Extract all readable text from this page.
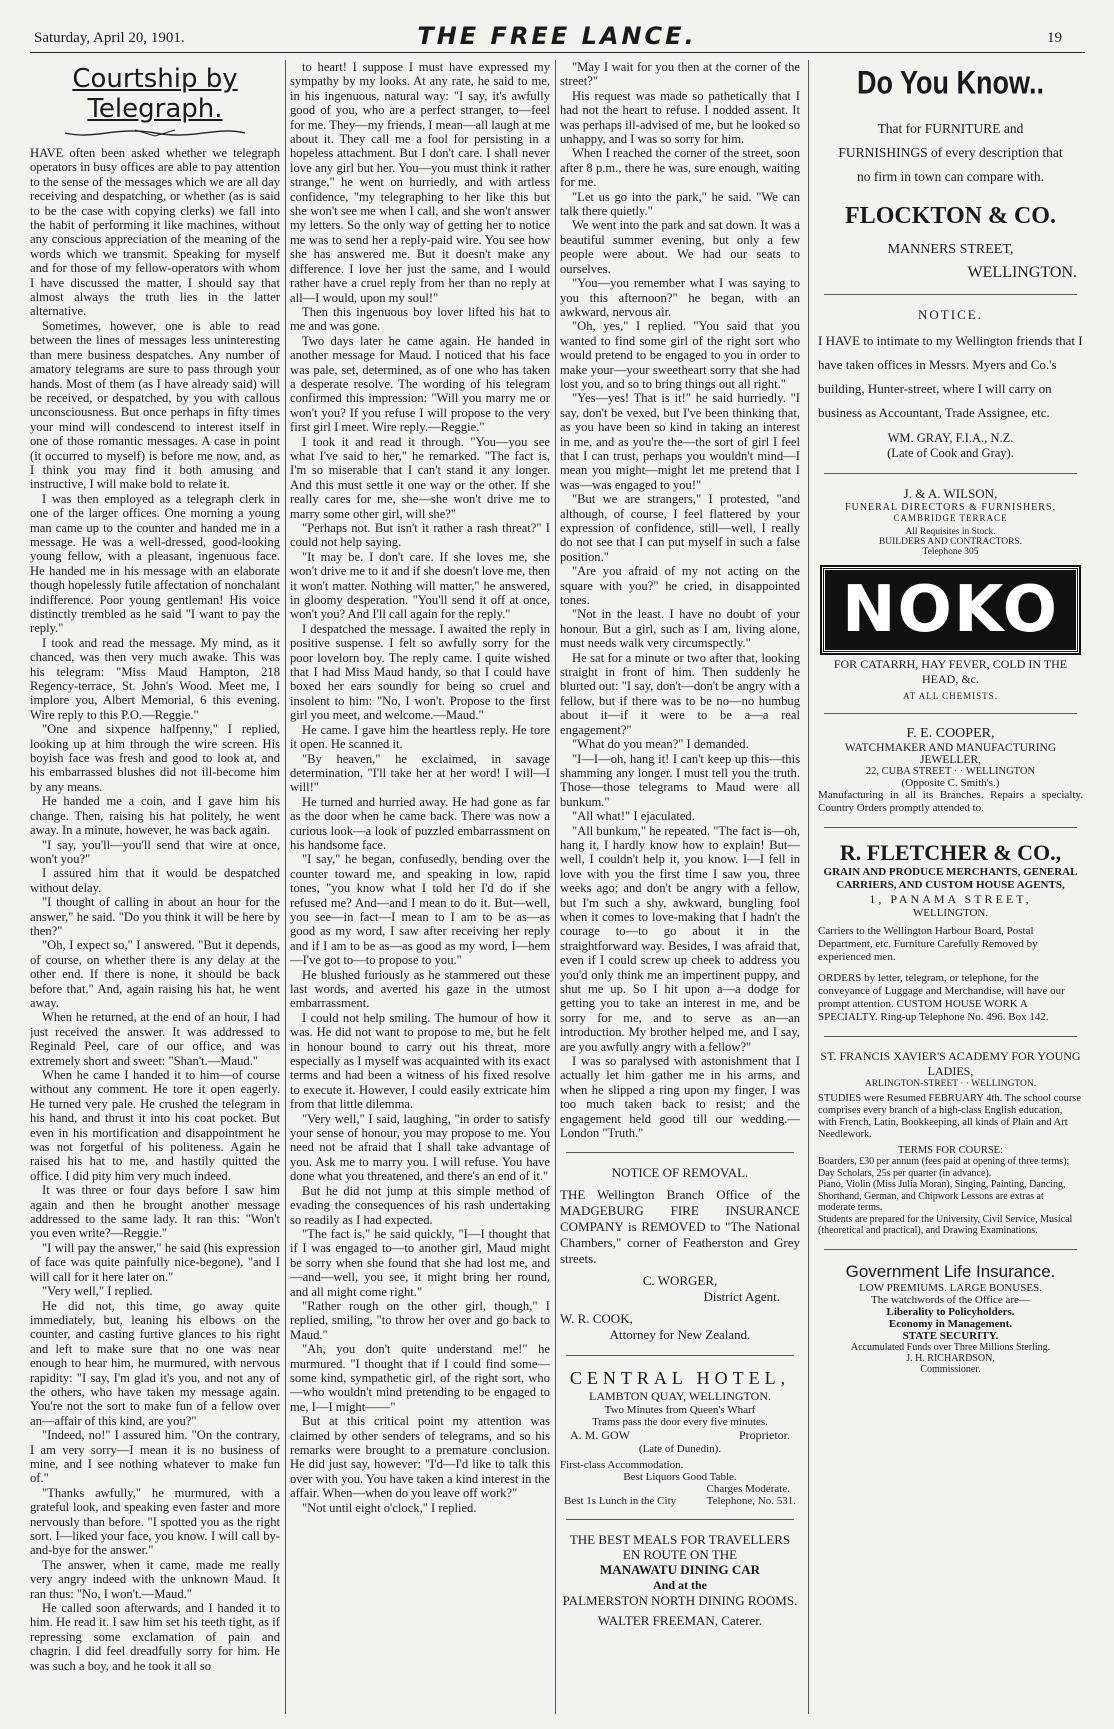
Saturday, April 20, 1901.	THE FREE LANCE.	19
Courtship by Telegraph.

HAVE often been asked whether we telegraph operators in busy offices are able to pay attention to the sense of the messages which we are all day receiving and despatching, or whether (as is said to be the case with copying clerks) we fall into the habit of performing it like machines, without any conscious appreciation of the meaning of the words which we transmit. Speaking for myself and for those of my fellow-operators with whom I have discussed the matter, I should say that almost always the truth lies in the latter alternative.

Sometimes, however, one is able to read between the lines of messages less uninteresting than mere business despatches. Any number of amatory telegrams are sure to pass through your hands. Most of them (as I have already said) will be received, or despatched, by you with callous unconsciousness. But once perhaps in fifty times your mind will condescend to interest itself in one of those romantic messages. A case in point (it occurred to myself) is before me now, and, as I think you may find it both amusing and instructive, I will make bold to relate it.

I was then employed as a telegraph clerk in one of the larger offices. One morning a young man came up to the counter and handed me in a message. He was a well-dressed, good-looking young fellow, with a pleasant, ingenuous face. He handed me in his message with an elaborate though hopelessly futile affectation of nonchalant indifference. Poor young gentleman! His voice distinctly trembled as he said "I want to pay the reply."

I took and read the message. My mind, as it chanced, was then very much awake. This was his telegram: "Miss Maud Hampton, 218 Regency-terrace, St. John's Wood. Meet me, I implore you, Albert Memorial, 6 this evening. Wire reply to this P.O.—Reggie."

"One and sixpence halfpenny," I replied, looking up at him through the wire screen. His boyish face was fresh and good to look at, and his embarrassed blushes did not ill-become him by any means.

He handed me a coin, and I gave him his change. Then, raising his hat politely, he went away. In a minute, however, he was back again.

"I say, you'll—you'll send that wire at once, won't you?"

I assured him that it would be despatched without delay.

"I thought of calling in about an hour for the answer," he said. "Do you think it will be here by then?"

"Oh, I expect so," I answered. "But it depends, of course, on whether there is any delay at the other end. If there is none, it should be back before that." And, again raising his hat, he went away.

When he returned, at the end of an hour, I had just received the answer. It was addressed to Reginald Peel, care of our office, and was extremely short and sweet: "Shan't.—Maud."

When he came I handed it to him—of course without any comment. He tore it open eagerly. He turned very pale. He crushed the telegram in his hand, and thrust it into his coat pocket. But even in his mortification and disappointment he was not forgetful of his politeness. Again he raised his hat to me, and hastily quitted the office. I did pity him very much indeed.

It was three or four days before I saw him again and then he brought another message addressed to the same lady. It ran this: "Won't you even write?—Reggie."

"I will pay the answer," he said (his expression of face was quite painfully nice-begone), "and I will call for it here later on."

"Very well," I replied.

He did not, this time, go away quite immediately, but, leaning his elbows on the counter, and casting furtive glances to his right and left to make sure that no one was near enough to hear him, he murmured, with nervous rapidity: "I say, I'm glad it's you, and not any of the others, who have taken my message again. You're not the sort to make fun of a fellow over an—affair of this kind, are you?"

"Indeed, no!" I assured him. "On the contrary, I am very sorry—I mean it is no business of mine, and I see nothing whatever to make fun of."

"Thanks awfully," he murmured, with a grateful look, and speaking even faster and more nervously than before. "I spotted you as the right sort. I—liked your face, you know. I will call by-and-bye for the answer."

The answer, when it came, made me really very angry indeed with the unknown Maud. It ran thus: "No, I won't.—Maud."

He called soon afterwards, and I handed it to him. He read it. I saw him set his teeth tight, as if repressing some exclamation of pain and chagrin. I did feel dreadfully sorry for him. He was such a boy, and he took it all so

to heart! I suppose I must have expressed my sympathy by my looks. At any rate, he said to me, in his ingenuous, natural way: "I say, it's awfully good of you, who are a perfect stranger, to—feel for me. They—my friends, I mean—all laugh at me about it. They call me a fool for persisting in a hopeless attachment. But I don't care. I shall never love any girl but her. You—you must think it rather strange," he went on hurriedly, and with artless confidence, "my telegraphing to her like this but she won't see me when I call, and she won't answer my letters. So the only way of getting her to notice me was to send her a reply-paid wire. You see how she has answered me. But it doesn't make any difference. I love her just the same, and I would rather have a cruel reply from her than no reply at all—I would, upon my soul!"

Then this ingenuous boy lover lifted his hat to me and was gone.

Two days later he came again. He handed in another message for Maud. I noticed that his face was pale, set, determined, as of one who has taken a desperate resolve. The wording of his telegram confirmed this impression: "Will you marry me or won't you? If you refuse I will propose to the very first girl I meet. Wire reply.—Reggie."

I took it and read it through. "You—you see what I've said to her," he remarked. "The fact is, I'm so miserable that I can't stand it any longer. And this must settle it one way or the other. If she really cares for me, she—she won't drive me to marry some other girl, will she?"

"Perhaps not. But isn't it rather a rash threat?" I could not help saying.

"It may be. I don't care. If she loves me, she won't drive me to it and if she doesn't love me, then it won't matter. Nothing will matter," he answered, in gloomy desperation. "You'll send it off at once, won't you? And I'll call again for the reply."

I despatched the message. I awaited the reply in positive suspense. I felt so awfully sorry for the poor lovelorn boy. The reply came. I quite wished that I had Miss Maud handy, so that I could have boxed her ears soundly for being so cruel and insolent to him: "No, I won't. Propose to the first girl you meet, and welcome.—Maud."

He came. I gave him the heartless reply. He tore it open. He scanned it.

"By heaven," he exclaimed, in savage determination, "I'll take her at her word! I will—I will!"

He turned and hurried away. He had gone as far as the door when he came back. There was now a curious look—a look of puzzled embarrassment on his handsome face.

"I say," he began, confusedly, bending over the counter toward me, and speaking in low, rapid tones, "you know what I told her I'd do if she refused me? And—and I mean to do it. But—well, you see—in fact—I mean to I am to be as—as good as my word, I saw after receiving her reply and if I am to be as—as good as my word, I—hem—I've got to—to propose to you."

He blushed furiously as he stammered out these last words, and averted his gaze in the utmost embarrassment.

I could not help smiling. The humour of how it was. He did not want to propose to me, but he felt in honour bound to carry out his threat, more especially as I myself was acquainted with its exact terms and had been a witness of his fixed resolve to execute it. However, I could easily extricate him from that little dilemma.

"Very well," I said, laughing, "in order to satisfy your sense of honour, you may propose to me. You need not be afraid that I shall take advantage of you. Ask me to marry you. I will refuse. You have done what you threatened, and there's an end of it."

But he did not jump at this simple method of evading the consequences of his rash undertaking so readily as I had expected.

"The fact is," he said quickly, "I—I thought that if I was engaged to—to another girl, Maud might be sorry when she found that she had lost me, and—and—well, you see, it might bring her round, and all might come right."

"Rather rough on the other girl, though," I replied, smiling, "to throw her over and go back to Maud."

"Ah, you don't quite understand me!" he murmured. "I thought that if I could find some—some kind, sympathetic girl, of the right sort, who—who wouldn't mind pretending to be engaged to me, I—I might——"

But at this critical point my attention was claimed by other senders of telegrams, and so his remarks were brought to a premature conclusion. He did just say, however: "I'd—I'd like to talk this over with you. You have taken a kind interest in the affair. When—when do you leave off work?"

"Not until eight o'clock," I replied.

"May I wait for you then at the corner of the street?"

His request was made so pathetically that I had not the heart to refuse. I nodded assent. It was perhaps ill-advised of me, but he looked so unhappy, and I was so sorry for him.

When I reached the corner of the street, soon after 8 p.m., there he was, sure enough, waiting for me.

"Let us go into the park," he said. "We can talk there quietly."

We went into the park and sat down. It was a beautiful summer evening, but only a few people were about. We had our seats to ourselves.

"You—you remember what I was saying to you this afternoon?" he began, with an awkward, nervous air.

"Oh, yes," I replied. "You said that you wanted to find some girl of the right sort who would pretend to be engaged to you in order to make your—your sweetheart sorry that she had lost you, and so to bring things out all right."

"Yes—yes! That is it!" he said hurriedly. "I say, don't be vexed, but I've been thinking that, as you have been so kind in taking an interest in me, and as you're the—the sort of girl I feel that I can trust, perhaps you wouldn't mind—I mean you might—might let me pretend that I was—was engaged to you!"

"But we are strangers," I protested, "and although, of course, I feel flattered by your expression of confidence, still—well, I really do not see that I can put myself in such a false position."

"Are you afraid of my not acting on the square with you?" he cried, in disappointed tones.

"Not in the least. I have no doubt of your honour. But a girl, such as I am, living alone, must needs walk very circumspectly."

He sat for a minute or two after that, looking straight in front of him. Then suddenly he blurted out: "I say, don't—don't be angry with a fellow, but if there was to be no—no humbug about it—if it were to be a—a real engagement?"

"What do you mean?" I demanded.

"I—I—oh, hang it! I can't keep up this—this shamming any longer. I must tell you the truth. Those—those telegrams to Maud were all bunkum."

"All what!" I ejaculated.

"All bunkum," he repeated. "The fact is—oh, hang it, I hardly know how to explain! But—well, I couldn't help it, you know. I—I fell in love with you the first time I saw you, three weeks ago; and don't be angry with a fellow, but I'm such a shy, awkward, bungling fool when it comes to love-making that I hadn't the courage to—to go about it in the straightforward way. Besides, I was afraid that, even if I could screw up cheek to address you you'd only think me an impertinent puppy, and shut me up. So I hit upon a—a dodge for getting you to take an interest in me, and be sorry for me, and to serve as an—an introduction. My brother helped me, and I say, are you awfully angry with a fellow?"

I was so paralysed with astonishment that I actually let him gather me in his arms, and when he slipped a ring upon my finger, I was too much taken back to resist; and the engagement held good till our wedding.—London "Truth."

NOTICE OF REMOVAL.
THE Wellington Branch Office of the MADGEBURG FIRE INSURANCE COMPANY is REMOVED to "The National Chambers," corner of Featherston and Grey streets.
C. WORGER,
District Agent.
W. R. COOK,
Attorney for New Zealand.
CENTRAL HOTEL,
LAMBTON QUAY, WELLINGTON.
Two Minutes from Queen's Wharf
Trams pass the door every five minutes.
A. M. GOW	Proprietor.
(Late of Dunedin).
First-class Accommodation.
Best Liquors Good Table.
Charges Moderate.
Best 1s Lunch in the City	Telephone, No. 531.
THE BEST MEALS FOR TRAVELLERS EN ROUTE ON THE
MANAWATU DINING CAR
And at the
PALMERSTON NORTH DINING ROOMS.
WALTER FREEMAN, Caterer.
Do You Know..
That for FURNITURE and FURNISHINGS of every description that no firm in town can compare with.
FLOCKTON & CO.
MANNERS STREET,
WELLINGTON.
NOTICE.
I HAVE to intimate to my Wellington friends that I have taken offices in Messrs. Myers and Co.'s building, Hunter-street, where I will carry on business as Accountant, Trade Assignee, etc.
WM. GRAY, F.I.A., N.Z.
(Late of Cook and Gray).
J. & A. WILSON,
FUNERAL DIRECTORS & FURNISHERS,
CAMBRIDGE TERRACE
All Requisites in Stock.
BUILDERS AND CONTRACTORS.
Telephone 305
NOKO
FOR CATARRH, HAY FEVER, COLD IN THE HEAD, &c.
AT ALL CHEMISTS.
F. E. COOPER,
WATCHMAKER AND MANUFACTURING JEWELLER,
22, CUBA STREET · · WELLINGTON
(Opposite C. Smith's.)
Manufacturing in all its Branches. Repairs a specialty. Country Orders promptly attended to.
R. FLETCHER & CO.,
GRAIN AND PRODUCE MERCHANTS, GENERAL CARRIERS, AND CUSTOM HOUSE AGENTS,
1, PANAMA STREET,
WELLINGTON.
Carriers to the Wellington Harbour Board, Postal Department, etc. Furniture Carefully Removed by experienced men.
ORDERS by letter, telegram, or telephone, for the conveyance of Luggage and Merchandise, will have our prompt attention. CUSTOM HOUSE WORK A SPECIALTY. Ring-up Telephone No. 496. Box 142.
ST. FRANCIS XAVIER'S ACADEMY FOR YOUNG LADIES,
ARLINGTON-STREET · · WELLINGTON.
STUDIES were Resumed FEBRUARY 4th. The school course comprises every branch of a high-class English education, with French, Latin, Bookkeeping, all kinds of Plain and Art Needlework.
TERMS FOR COURSE:
Boarders, £30 per annum (fees paid at opening of three terms); Day Scholars, 25s per quarter (in advance).
Piano, Violin (Miss Julia Moran), Singing, Painting, Dancing, Shorthand, German, and Chipwork Lessons are extras at moderate terms.
Students are prepared for the University, Civil Service, Musical (theoretical and practical), and Drawing Examinations.
Government Life Insurance.
LOW PREMIUMS. LARGE BONUSES.
The watchwords of the Office are—
Liberality to Policyholders.
Economy in Management.
STATE SECURITY.
Accumulated Funds over Three Millions Sterling.
J. H. RICHARDSON,
Commissioner.
